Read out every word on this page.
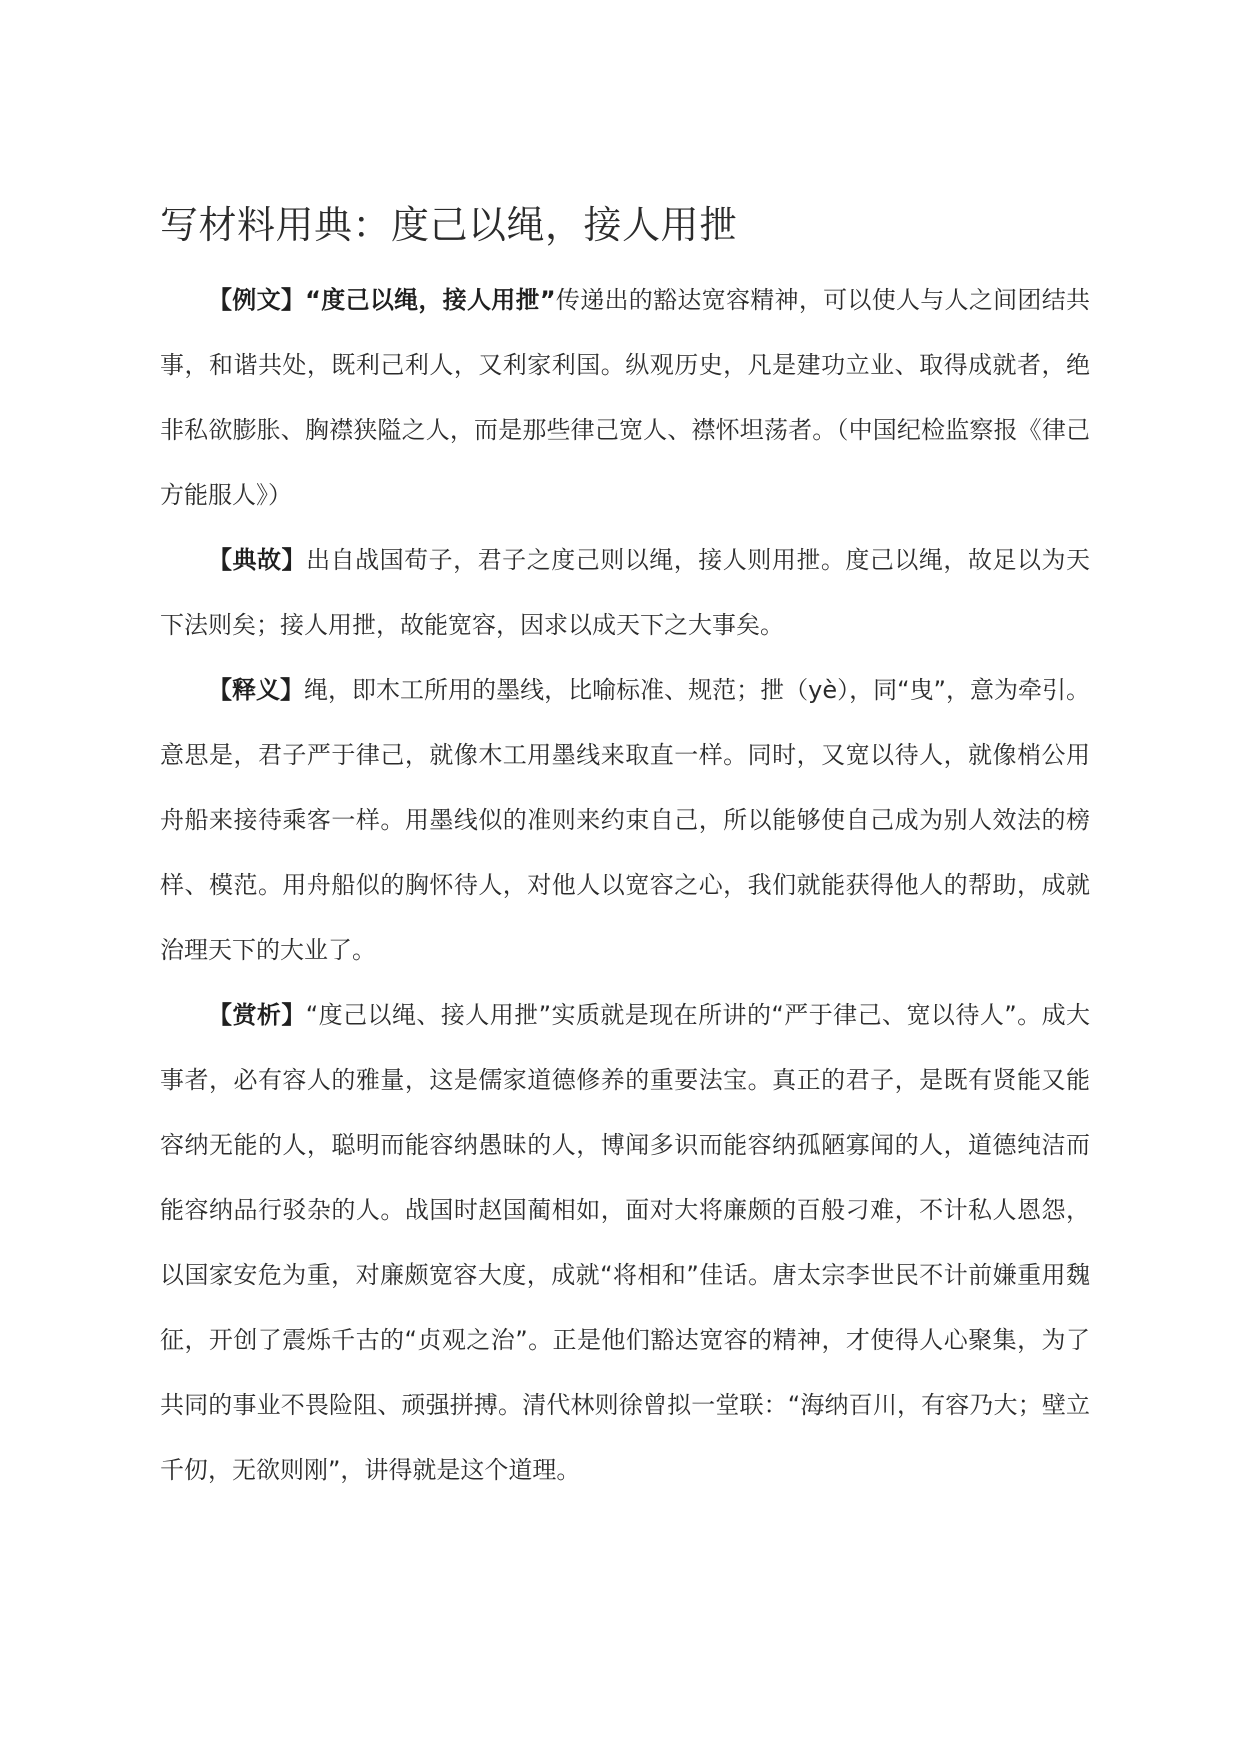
写材料用典：度己以绳，接人用抴

【例文】“度己以绳，接人用抴”传递出的豁达宽容精神，可以使人与人之间团结共事，和谐共处，既利己利人，又利家利国。纵观历史，凡是建功立业、取得成就者，绝非私欲膨胀、胸襟狭隘之人，而是那些律己宽人、襟怀坦荡者。（中国纪检监察报《律己方能服人》）

【典故】出自战国荀子，君子之度己则以绳，接人则用抴。度己以绳，故足以为天下法则矣；接人用抴，故能宽容，因求以成天下之大事矣。

【释义】绳，即木工所用的墨线，比喻标准、规范；抴（yè），同“曳”，意为牵引。意思是，君子严于律己，就像木工用墨线来取直一样。同时，又宽以待人，就像梢公用舟船来接待乘客一样。用墨线似的准则来约束自己，所以能够使自己成为别人效法的榜样、模范。用舟船似的胸怀待人，对他人以宽容之心，我们就能获得他人的帮助，成就治理天下的大业了。

【赏析】“度己以绳、接人用抴”实质就是现在所讲的“严于律己、宽以待人”。成大事者，必有容人的雅量，这是儒家道德修养的重要法宝。真正的君子，是既有贤能又能容纳无能的人，聪明而能容纳愚昧的人，博闻多识而能容纳孤陋寡闻的人，道德纯洁而能容纳品行驳杂的人。战国时赵国蔺相如，面对大将廉颇的百般刁难，不计私人恩怨，以国家安危为重，对廉颇宽容大度，成就“将相和”佳话。唐太宗李世民不计前嫌重用魏征，开创了震烁千古的“贞观之治”。正是他们豁达宽容的精神，才使得人心聚集，为了共同的事业不畏险阻、顽强拼搏。清代林则徐曾拟一堂联：“海纳百川，有容乃大；壁立千仞，无欲则刚”，讲得就是这个道理。
